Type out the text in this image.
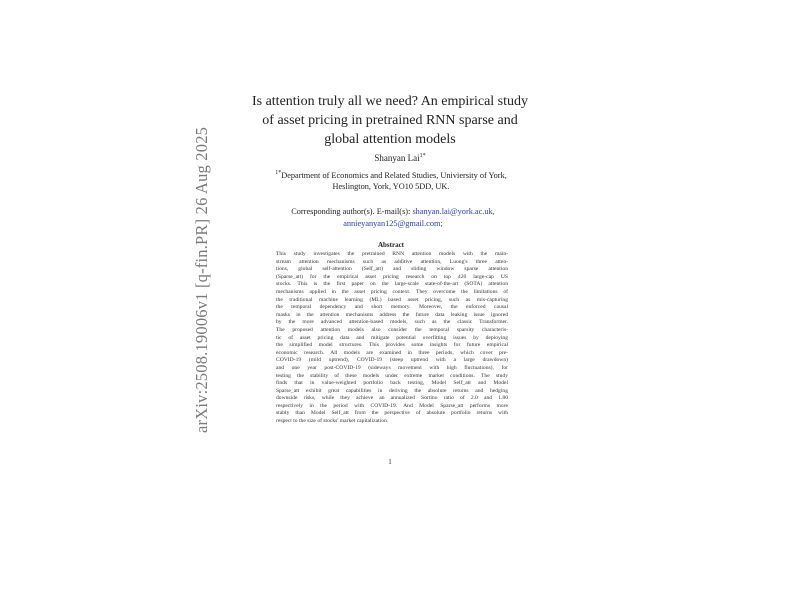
arXiv:2508.19006v1 [q-fin.PR] 26 Aug 2025
Is attention truly all we need? An empirical study
of asset pricing in pretrained RNN sparse and
global attention models
Shanyan Lai$^{1*}$
$^{1*}$Department of Economics and Related Studies, Univiersity of York,
Heslington, York, YO10 5DD, UK.
Corresponding author(s). E-mail(s): shanyan.lai@york.ac.uk,
annieyanyan125@gmail.com;
Abstract
This study investigates the pretrained RNN attention models with the main-
stream attention mechanisms such as additive attention, Luong's three atten-
tions, global self-attention (Self_att) and sliding window sparse attention
(Sparse_att) for the empirical asset pricing research on top 420 large-cap US
stocks. This is the first paper on the large-scale state-of-the-art (SOTA) attention
mechanisms applied in the asset pricing context. They overcome the limitations of
the traditional machine learning (ML) based asset pricing, such as mis-capturing
the temporal dependency and short memory. Moreover, the enforced causal
masks in the attention mechanisms address the future data leaking issue ignored
by the more advanced attention-based models, such as the classic Transformer.
The proposed attention models also consider the temporal sparsity characteris-
tic of asset pricing data and mitigate potential overfitting issues by deploying
the simplified model structures. This provides some insights for future empirical
economic research. All models are examined in three periods, which cover pre-
COVID-19 (mild uptrend), COVID-19 (steep uptrend with a large drawdown)
and one year post-COVID-19 (sideways movement with high fluctuations), for
testing the stability of these models under extreme market conditions. The study
finds that in value-weighted portfolio back testing, Model Self_att and Model
Sparse_att exhibit great capabilities in deriving the absolute returns and hedging
downside risks, while they achieve an annualized Sortino ratio of 2.0 and 1.80
respectively in the period with COVID-19. And Model Sparse_att performs more
stably than Model Self_att from the perspective of absolute portfolio returns with
respect to the size of stocks' market capitalization.
1
